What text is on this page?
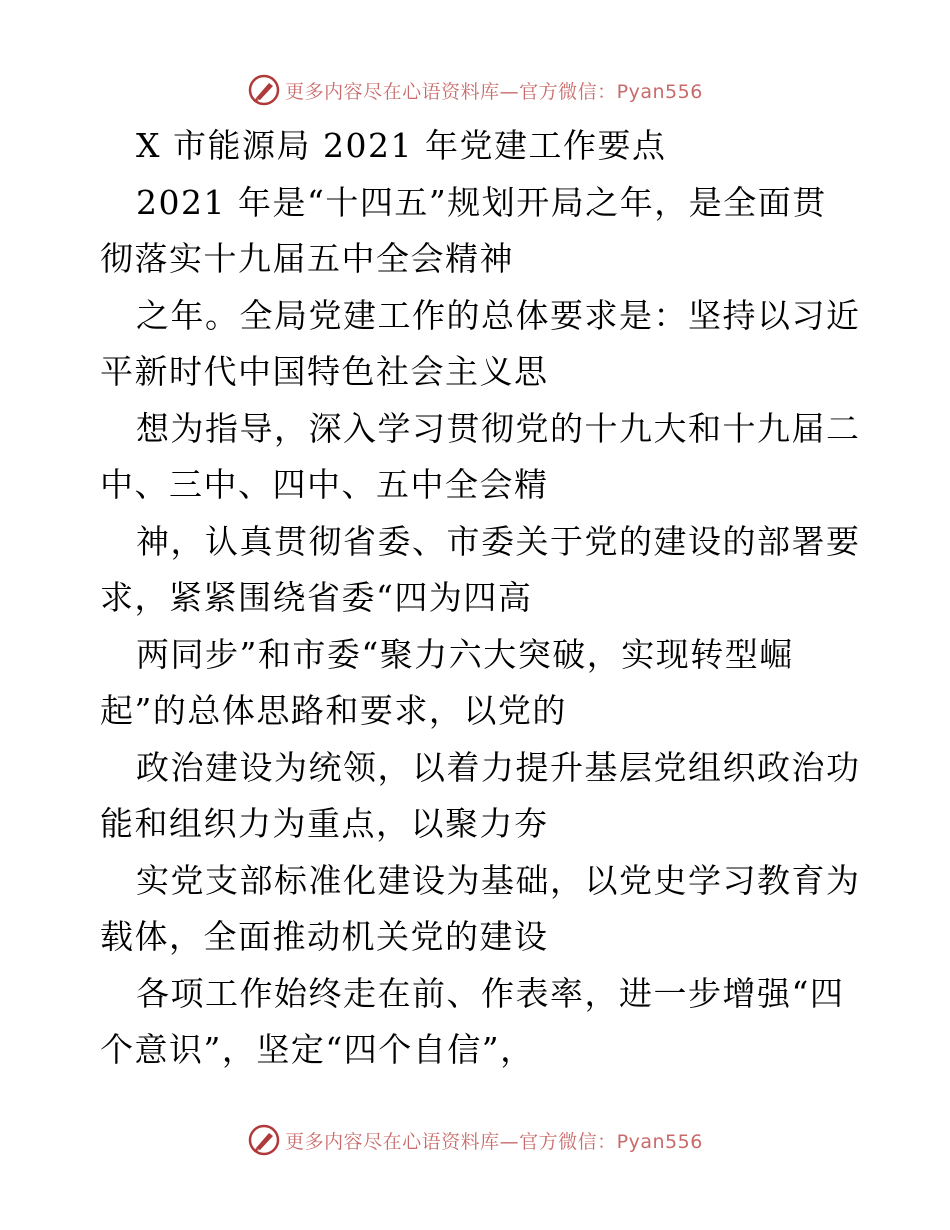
更多内容尽在心语资料库—官方微信：Pyan556
X 市能源局 2021 年党建工作要点
2021 年是“十四五”规划开局之年，是全面贯
彻落实十九届五中全会精神
之年。全局党建工作的总体要求是：坚持以习近
平新时代中国特色社会主义思
想为指导，深入学习贯彻党的十九大和十九届二
中、三中、四中、五中全会精
神，认真贯彻省委、市委关于党的建设的部署要
求，紧紧围绕省委“四为四高
两同步”和市委“聚力六大突破，实现转型崛
起”的总体思路和要求，以党的
政治建设为统领，以着力提升基层党组织政治功
能和组织力为重点，以聚力夯
实党支部标准化建设为基础，以党史学习教育为
载体，全面推动机关党的建设
各项工作始终走在前、作表率，进一步增强“四
个意识”，坚定“四个自信”，
更多内容尽在心语资料库—官方微信：Pyan556
